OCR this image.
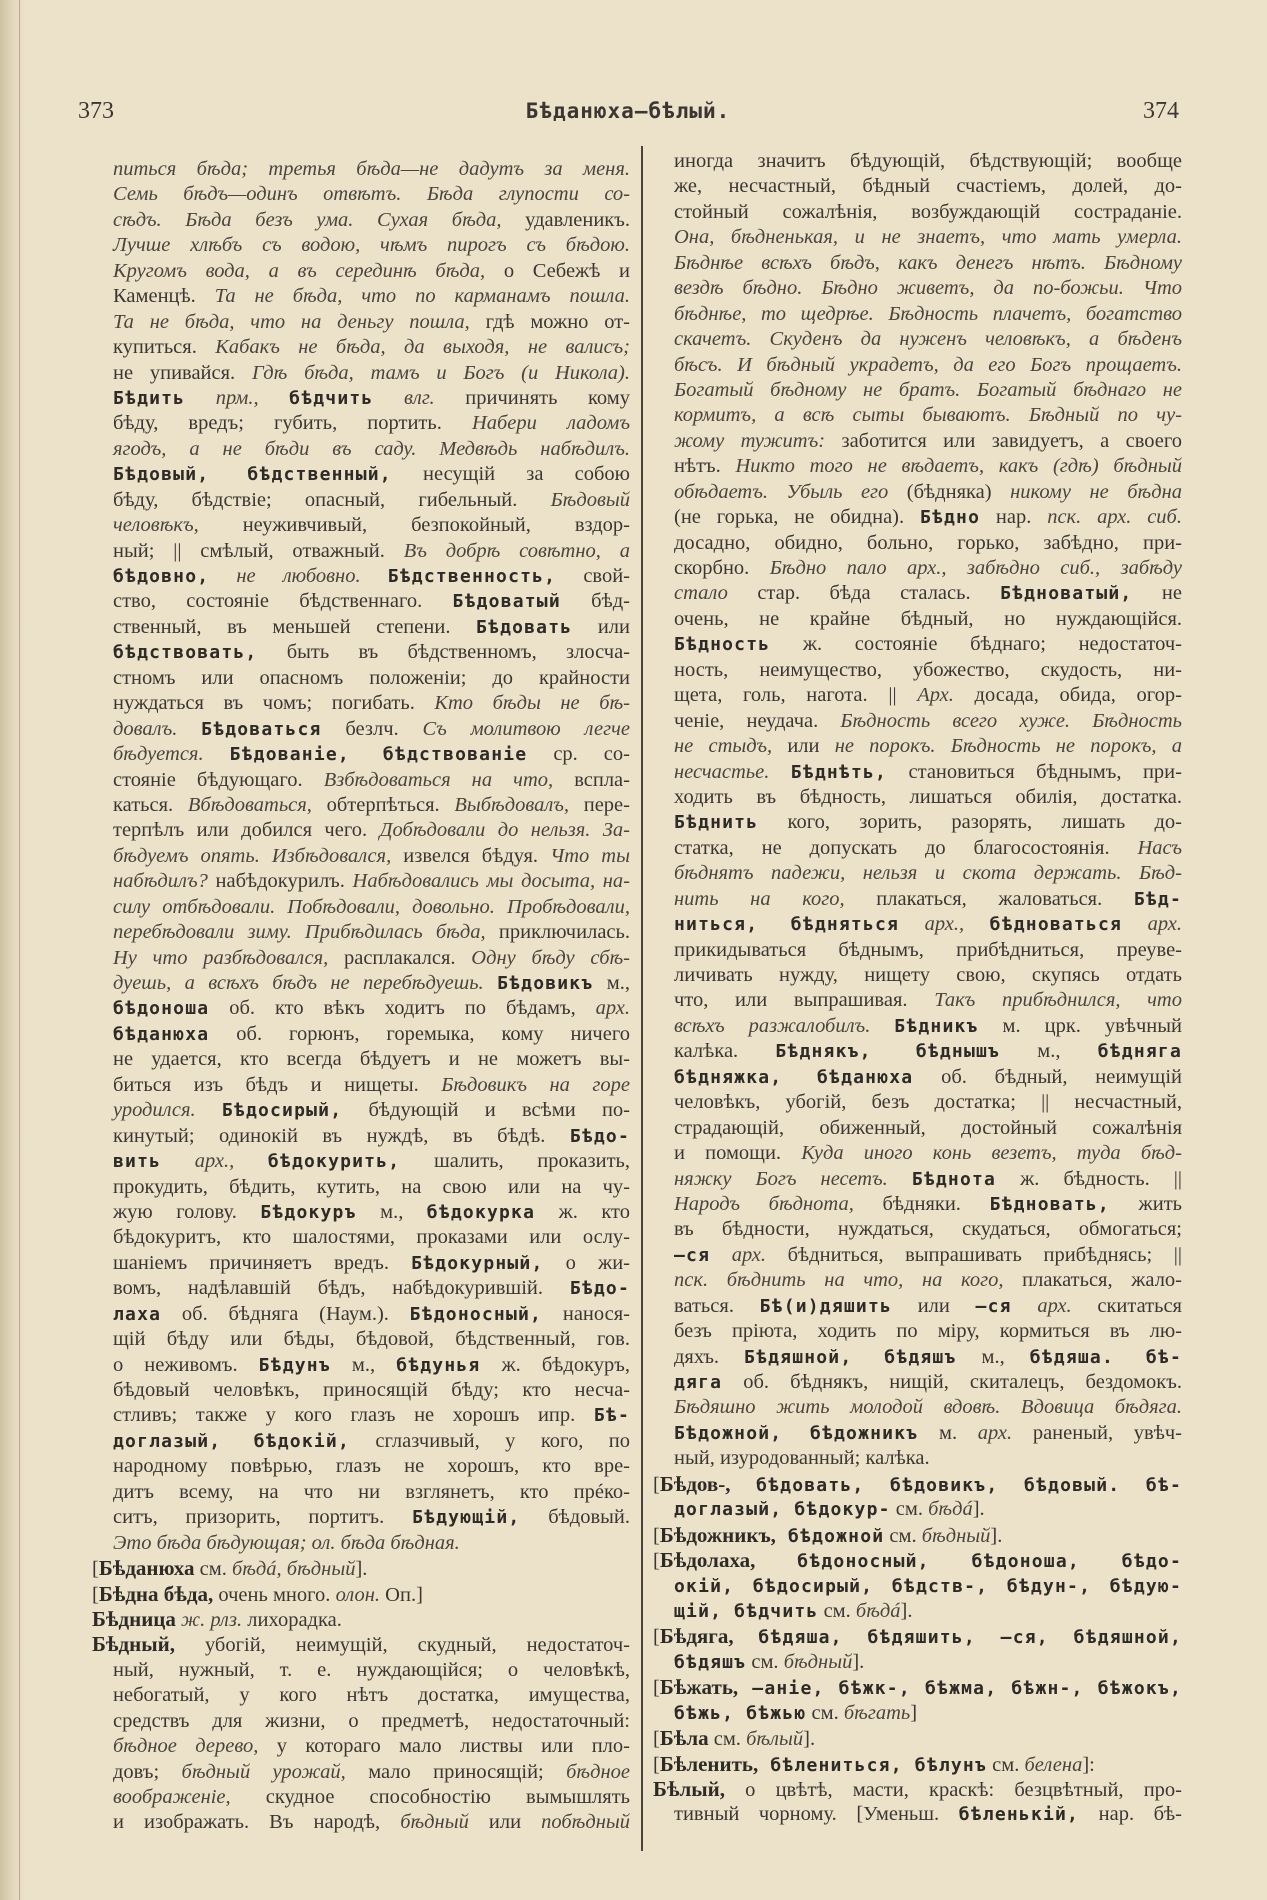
373	Бѣданюха—бѣлый.	374
питься бѣда; третья бѣда—не дадутъ за меня.
Семь бѣдъ—одинъ отвѣтъ. Бѣда глупости со-
сѣдъ. Бѣда безъ ума. Сухая бѣда, удавленикъ.
Лучше хлѣбъ съ водою, чѣмъ пирогъ съ бѣдою.
Кругомъ вода, а въ серединѣ бѣда, о Себежѣ и
Каменцѣ. Та не бѣда, что по карманамъ пошла.
Та не бѣда, что на деньгу пошла, гдѣ можно от-
купиться. Кабакъ не бѣда, да выходя, не валисъ;
не упивайся. Гдѣ бѣда, тамъ и Богъ (и Никола).
Бѣдить прм., бѣдчить влг. причинять кому
бѣду, вредъ; губить, портить. Набери ладомъ
ягодъ, а не бѣди въ саду. Медвѣдь набѣдилъ.
Бѣдовый, бѣдственный, несущій за собою
бѣду, бѣдствіе; опасный, гибельный. Бѣдовый
человѣкъ, неуживчивый, безпокойный, вздор-
ный; || смѣлый, отважный. Въ добрѣ совѣтно, а
бѣдовно, не любовно. Бѣдственность, свой-
ство, состояніе бѣдственнаго. Бѣдоватый бѣд-
ственный, въ меньшей степени. Бѣдовать или
бѣдствовать, быть въ бѣдственномъ, злосча-
стномъ или опасномъ положеніи; до крайности
нуждаться въ чомъ; погибать. Кто бѣды не бѣ-
довалъ. Бѣдоваться безлч. Съ молитвою легче
бѣдуется. Бѣдованіе, бѣдствованіе ср. со-
стояніе бѣдующаго. Взбѣдоваться на что, вспла-
каться. Вбѣдоваться, обтерпѣться. Выбѣдовалъ, пере-
терпѣлъ или добился чего. Добѣдовали до нельзя. За-
бѣдуемъ опять. Избѣдовался, извелся бѣдуя. Что ты
набѣдилъ? набѣдокурилъ. Набѣдовались мы досыта, на-
силу отбѣдовали. Побѣдовали, довольно. Пробѣдовали,
перебѣдовали зиму. Прибѣдилась бѣда, приключилась.
Ну что разбѣдовался, расплакался. Одну бѣду сбѣ-
дуешь, а всѣхъ бѣдъ не перебѣдуешь. Бѣдовикъ м.,
бѣдоноша об. кто вѣкъ ходитъ по бѣдамъ, арх.
бѣданюха об. горюнъ, горемыка, кому ничего
не удается, кто всегда бѣдуетъ и не можетъ вы-
биться изъ бѣдъ и нищеты. Бѣдовикъ на горе
уродился. Бѣдосирый, бѣдующій и всѣми по-
кинутый; одинокій въ нуждѣ, въ бѣдѣ. Бѣдо-
вить арх., бѣдокурить, шалить, проказить,
прокудить, бѣдить, кутить, на свою или на чу-
жую голову. Бѣдокуръ м., бѣдокурка ж. кто
бѣдокуритъ, кто шалостями, проказами или ослу-
шаніемъ причиняетъ вредъ. Бѣдокурный, о жи-
вомъ, надѣлавшій бѣдъ, набѣдокурившій. Бѣдо-
лаха об. бѣдняга (Наум.). Бѣдоносный, нанося-
щій бѣду или бѣды, бѣдовой, бѣдственный, гов.
о неживомъ. Бѣдунъ м., бѣдунья ж. бѣдокуръ,
бѣдовый человѣкъ, приносящій бѣду; кто несча-
стливъ; также у кого глазъ не хорошъ ипр. Бѣ-
доглазый, бѣдокій, сглазчивый, у кого, по
народному повѣрью, глазъ не хорошъ, кто вре-
дитъ всему, на что ни взглянетъ, кто прéко-
ситъ, призорить, портитъ. Бѣдующій, бѣдовый.
Это бѣда бѣдующая; ол. бѣда бѣдная.
[Бѣданюха см. бѣдá, бѣдный].
[Бѣдна бѣда, очень много. олон. Оп.]
Бѣдница ж. рлз. лихорадка.
Бѣдный, убогій, неимущій, скудный, недостаточ-
ный, нужный, т. е. нуждающійся; о человѣкѣ,
небогатый, у кого нѣтъ достатка, имущества,
средствъ для жизни, о предметѣ, недостаточный:
бѣдное дерево, у котораго мало листвы или пло-
довъ; бѣдный урожай, мало приносящій; бѣдное
воображеніе, скудное способностію вымышлять
и изображать. Въ народѣ, бѣдный или побѣдный
иногда значитъ бѣдующій, бѣдствующій; вообще
же, несчастный, бѣдный счастіемъ, долей, до-
стойный сожалѣнія, возбуждающій состраданіе.
Она, бѣдненькая, и не знаетъ, что мать умерла.
Бѣднѣе всѣхъ бѣдъ, какъ денегъ нѣтъ. Бѣдному
вездѣ бѣдно. Бѣдно живетъ, да по-божьи. Что
бѣднѣе, то щедрѣе. Бѣдность плачетъ, богатство
скачетъ. Скуденъ да нуженъ человѣкъ, а бѣденъ
бѣсъ. И бѣдный украдетъ, да его Богъ прощаетъ.
Богатый бѣдному не братъ. Богатый бѣднаго не
кормитъ, а всѣ сыты бываютъ. Бѣдный по чу-
жому тужитъ: заботится или завидуетъ, а своего
нѣтъ. Никто того не вѣдаетъ, какъ (гдѣ) бѣдный
обѣдаетъ. Убыль его (бѣдняка) никому не бѣдна
(не горька, не обидна). Бѣдно нар. пск. арх. сиб.
досадно, обидно, больно, горько, забѣдно, при-
скорбно. Бѣдно пало арх., забѣдно сиб., забѣду
стало стар. бѣда сталась. Бѣдноватый, не
очень, не крайне бѣдный, но нуждающійся.
Бѣдность ж. состояніе бѣднаго; недостаточ-
ность, неимущество, убожество, скудость, ни-
щета, голь, нагота. || Арх. досада, обида, огор-
ченіе, неудача. Бѣдность всего хуже. Бѣдность
не стыдъ, или не порокъ. Бѣдность не порокъ, а
несчастье. Бѣднѣть, становиться бѣднымъ, при-
ходить въ бѣдность, лишаться обилія, достатка.
Бѣднить кого, зорить, разорять, лишать до-
статка, не допускать до благосостоянія. Насъ
бѣднятъ падежи, нельзя и скота держать. Бѣд-
нить на кого, плакаться, жаловаться. Бѣд-
ниться, бѣдняться арх., бѣдноваться арх.
прикидываться бѣднымъ, прибѣдниться, преуве-
личивать нужду, нищету свою, скупясь отдать
что, или выпрашивая. Такъ прибѣднился, что
всѣхъ разжалобилъ. Бѣдникъ м. црк. увѣчный
калѣка. Бѣднякъ, бѣднышъ м., бѣдняга
бѣдняжка, бѣданюха об. бѣдный, неимущій
человѣкъ, убогій, безъ достатка; || несчастный,
страдающій, обиженный, достойный сожалѣнія
и помощи. Куда иного конь везетъ, туда бѣд-
няжку Богъ несетъ. Бѣднота ж. бѣдность. ||
Народъ бѣднота, бѣдняки. Бѣдновать, жить
въ бѣдности, нуждаться, скудаться, обмогаться;
—ся арх. бѣдниться, выпрашивать прибѣднясь; ||
пск. бѣднить на что, на кого, плакаться, жало-
ваться. Бѣ(и)дяшить или —ся арх. скитаться
безъ пріюта, ходить по міру, кормиться въ лю-
дяхъ. Бѣдяшной, бѣдяшъ м., бѣдяша. бѣ-
дяга об. бѣднякъ, нищій, скиталецъ, бездомокъ.
Бѣдяшно жить молодой вдовѣ. Вдовица бѣдяга.
Бѣдожной, бѣдожникъ м. арх. раненый, увѣч-
ный, изуродованный; калѣка.
[Бѣдов-, бѣдовать, бѣдовикъ, бѣдовый. бѣ-
доглазый, бѣдокур- см. бѣдá].
[Бѣдожникъ, бѣдожной см. бѣдный].
[Бѣдолаха, бѣдоносный, бѣдоноша, бѣдо-
окій, бѣдосирый, бѣдств-, бѣдун-, бѣдую-
щій, бѣдчить см. бѣдá].
[Бѣдяга, бѣдяша, бѣдяшить, —ся, бѣдяшной,
бѣдяшъ см. бѣдный].
[Бѣжать, —аніе, бѣжк-, бѣжма, бѣжн-, бѣжокъ,
бѣжь, бѣжью см. бѣгать]
[Бѣла см. бѣлый].
[Бѣленить, бѣлениться, бѣлунъ см. белена]:
Бѣлый, о цвѣтѣ, масти, краскѣ: безцвѣтный, про-
тивный чорному. [Уменьш. бѣленькій, нар. бѣ-
